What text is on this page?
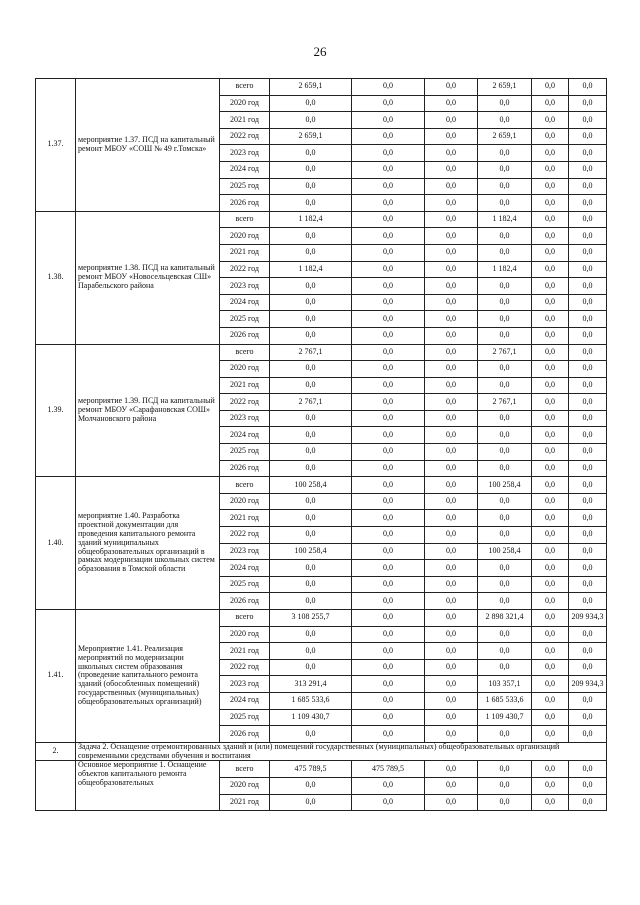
26
1.37.	мероприятие 1.37. ПСД на капитальный ремонт МБОУ «СОШ № 49 г.Томска»	всего	2 659,1	0,0	0,0	2 659,1	0,0	0,0
		2020 год	0,0	0,0	0,0	0,0	0,0	0,0
		2021 год	0,0	0,0	0,0	0,0	0,0	0,0
		2022 год	2 659,1	0,0	0,0	2 659,1	0,0	0,0
		2023 год	0,0	0,0	0,0	0,0	0,0	0,0
		2024 год	0,0	0,0	0,0	0,0	0,0	0,0
		2025 год	0,0	0,0	0,0	0,0	0,0	0,0
		2026 год	0,0	0,0	0,0	0,0	0,0	0,0
1.38.	мероприятие 1.38. ПСД на капитальный ремонт МБОУ «Новосельцевская СШ» Парабельского района	всего	1 182,4	0,0	0,0	1 182,4	0,0	0,0
		2020 год	0,0	0,0	0,0	0,0	0,0	0,0
		2021 год	0,0	0,0	0,0	0,0	0,0	0,0
		2022 год	1 182,4	0,0	0,0	1 182,4	0,0	0,0
		2023 год	0,0	0,0	0,0	0,0	0,0	0,0
		2024 год	0,0	0,0	0,0	0,0	0,0	0,0
		2025 год	0,0	0,0	0,0	0,0	0,0	0,0
		2026 год	0,0	0,0	0,0	0,0	0,0	0,0
1.39.	мероприятие 1.39. ПСД на капитальный ремонт МБОУ «Сарафановская СОШ» Молчановского района	всего	2 767,1	0,0	0,0	2 767,1	0,0	0,0
		2020 год	0,0	0,0	0,0	0,0	0,0	0,0
		2021 год	0,0	0,0	0,0	0,0	0,0	0,0
		2022 год	2 767,1	0,0	0,0	2 767,1	0,0	0,0
		2023 год	0,0	0,0	0,0	0,0	0,0	0,0
		2024 год	0,0	0,0	0,0	0,0	0,0	0,0
		2025 год	0,0	0,0	0,0	0,0	0,0	0,0
		2026 год	0,0	0,0	0,0	0,0	0,0	0,0
1.40.	мероприятие 1.40. Разработка проектной документации для проведения капитального ремонта зданий муниципальных общеобразовательных организаций в рамках модернизации школьных систем образования в Томской области	всего	100 258,4	0,0	0,0	100 258,4	0,0	0,0
		2020 год	0,0	0,0	0,0	0,0	0,0	0,0
		2021 год	0,0	0,0	0,0	0,0	0,0	0,0
		2022 год	0,0	0,0	0,0	0,0	0,0	0,0
		2023 год	100 258,4	0,0	0,0	100 258,4	0,0	0,0
		2024 год	0,0	0,0	0,0	0,0	0,0	0,0
		2025 год	0,0	0,0	0,0	0,0	0,0	0,0
		2026 год	0,0	0,0	0,0	0,0	0,0	0,0
1.41.	Мероприятие 1.41. Реализация мероприятий по модернизации школьных систем образования (проведение капитального ремонта зданий (обособленных помещений) государственных (муниципальных) общеобразовательных организаций)	всего	3 108 255,7	0,0	0,0	2 898 321,4	0,0	209 934,3
		2020 год	0,0	0,0	0,0	0,0	0,0	0,0
		2021 год	0,0	0,0	0,0	0,0	0,0	0,0
		2022 год	0,0	0,0	0,0	0,0	0,0	0,0
		2023 год	313 291,4	0,0	0,0	103 357,1	0,0	209 934,3
		2024 год	1 685 533,6	0,0	0,0	1 685 533,6	0,0	0,0
		2025 год	1 109 430,7	0,0	0,0	1 109 430,7	0,0	0,0
		2026 год	0,0	0,0	0,0	0,0	0,0	0,0
2.	Задача 2. Оснащение отремонтированных зданий и (или) помещений государственных (муниципальных) общеобразовательных организаций современными средствами обучения и воспитания							
	Основное мероприятие 1. Оснащение объектов капитального ремонта общеобразовательных	всего	475 789,5	475 789,5	0,0	0,0	0,0	0,0
		2020 год	0,0	0,0	0,0	0,0	0,0	0,0
		2021 год	0,0	0,0	0,0	0,0	0,0	0,0
